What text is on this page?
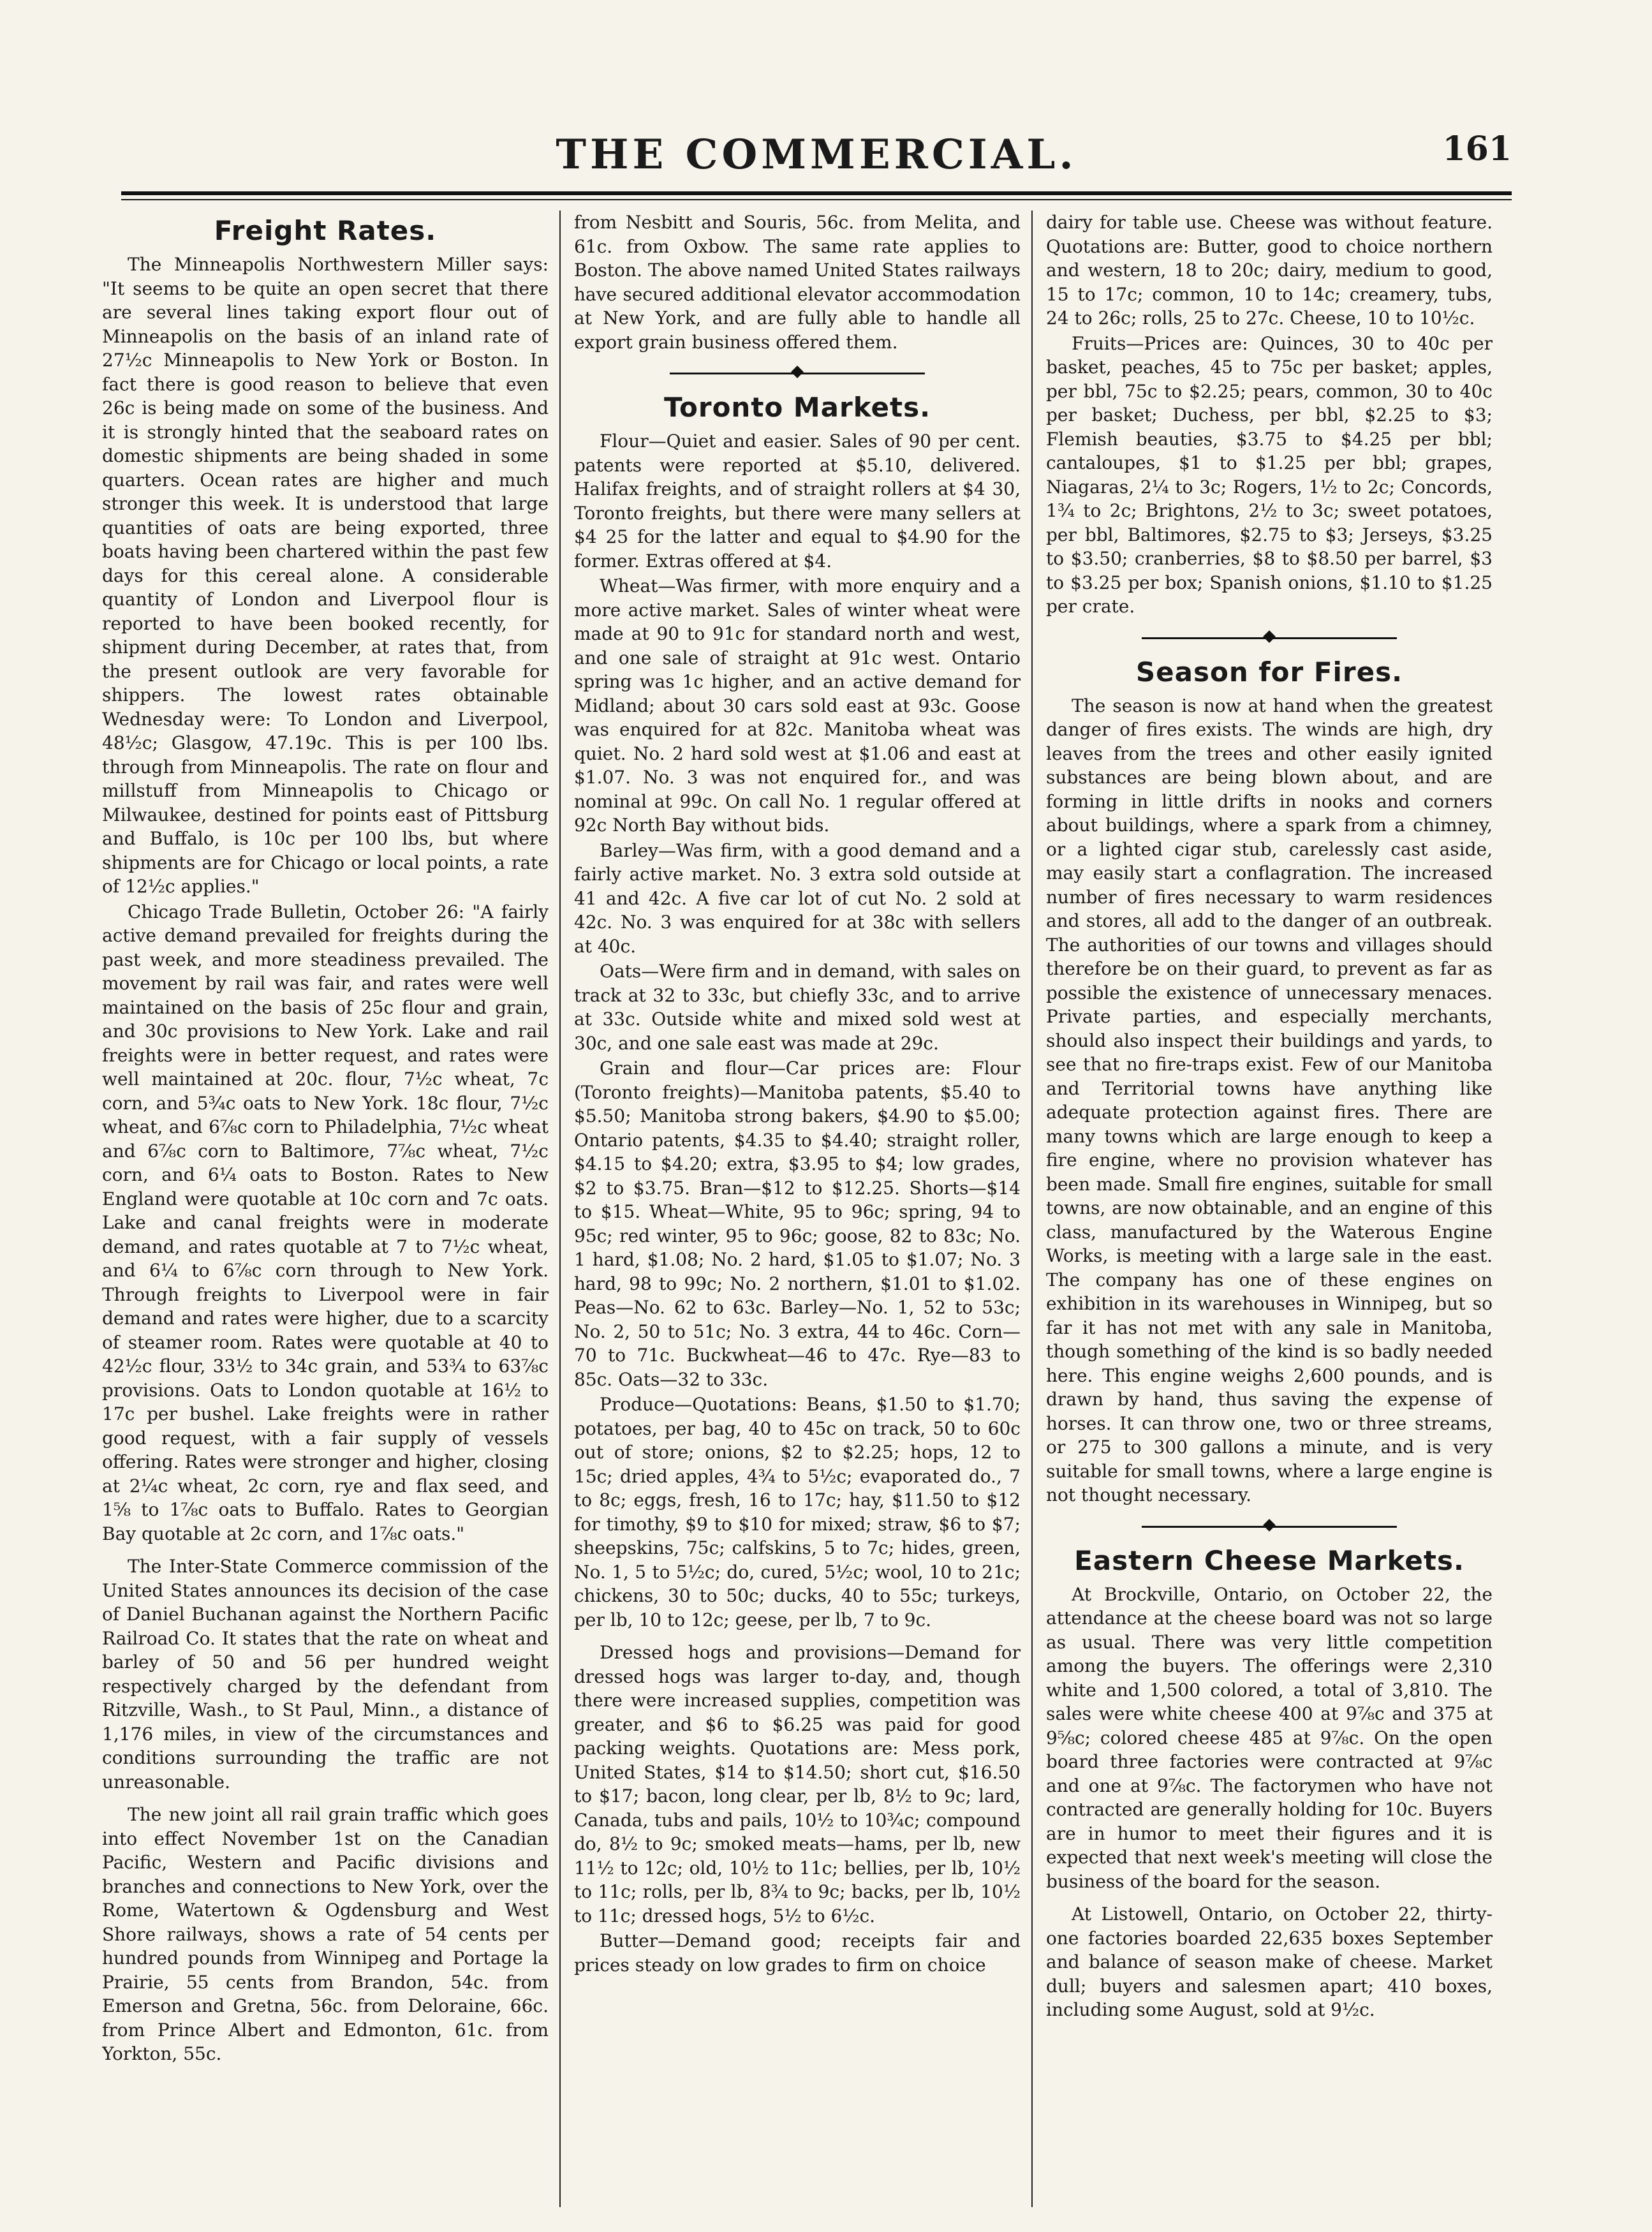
THE COMMERCIAL.	161
Freight Rates.

The Minneapolis Northwestern Miller says: "It seems to be quite an open secret that there are several lines taking export flour out of Minneapolis on the basis of an inland rate of 27½c Minneapolis to New York or Boston. In fact there is good reason to believe that even 26c is being made on some of the business. And it is strongly hinted that the seaboard rates on domestic shipments are being shaded in some quarters. Ocean rates are higher and much stronger this week. It is understood that large quantities of oats are being exported, three boats having been chartered within the past few days for this cereal alone. A considerable quantity of London and Liverpool flour is reported to have been booked recently, for shipment during December, at rates that, from the present outlook are very favorable for shippers. The lowest rates obtainable Wednesday were: To London and Liverpool, 48½c; Glasgow, 47.19c. This is per 100 lbs. through from Minneapolis. The rate on flour and millstuff from Minneapolis to Chicago or Milwaukee, destined for points east of Pittsburg and Buffalo, is 10c per 100 lbs, but where shipments are for Chicago or local points, a rate of 12½c applies."

Chicago Trade Bulletin, October 26: "A fairly active demand prevailed for freights during the past week, and more steadiness prevailed. The movement by rail was fair, and rates were well maintained on the basis of 25c flour and grain, and 30c provisions to New York. Lake and rail freights were in better request, and rates were well maintained at 20c. flour, 7½c wheat, 7c corn, and 5¾c oats to New York. 18c flour, 7½c wheat, and 6⅞c corn to Philadelphia, 7½c wheat and 6⅞c corn to Baltimore, 7⅞c wheat, 7½c corn, and 6¼ oats to Boston. Rates to New England were quotable at 10c corn and 7c oats. Lake and canal freights were in moderate demand, and rates quotable at 7 to 7½c wheat, and 6¼ to 6⅞c corn through to New York. Through freights to Liverpool were in fair demand and rates were higher, due to a scarcity of steamer room. Rates were quotable at 40 to 42½c flour, 33½ to 34c grain, and 53¾ to 63⅞c provisions. Oats to London quotable at 16½ to 17c per bushel. Lake freights were in rather good request, with a fair supply of vessels offering. Rates were stronger and higher, closing at 2¼c wheat, 2c corn, rye and flax seed, and 1⅝ to 1⅞c oats to Buffalo. Rates to Georgian Bay quotable at 2c corn, and 1⅞c oats."

The Inter-State Commerce commission of the United States announces its decision of the case of Daniel Buchanan against the Northern Pacific Railroad Co. It states that the rate on wheat and barley of 50 and 56 per hundred weight respectively charged by the defendant from Ritzville, Wash., to St Paul, Minn., a distance of 1,176 miles, in view of the circumstances and conditions surrounding the traffic are not unreasonable.

The new joint all rail grain traffic which goes into effect November 1st on the Canadian Pacific, Western and Pacific divisions and branches and connections to New York, over the Rome, Watertown & Ogdensburg and West Shore railways, shows a rate of 54 cents per hundred pounds from Winnipeg and Portage la Prairie, 55 cents from Brandon, 54c. from Emerson and Gretna, 56c. from Deloraine, 66c. from Prince Albert and Edmonton, 61c. from Yorkton, 55c.

from Nesbitt and Souris, 56c. from Melita, and 61c. from Oxbow. The same rate applies to Boston. The above named United States railways have secured additional elevator accommodation at New York, and are fully able to handle all export grain business offered them.

Toronto Markets.

Flour—Quiet and easier. Sales of 90 per cent. patents were reported at $5.10, delivered. Halifax freights, and of straight rollers at $4 30, Toronto freights, but there were many sellers at $4 25 for the latter and equal to $4.90 for the former. Extras offered at $4.

Wheat—Was firmer, with more enquiry and a more active market. Sales of winter wheat were made at 90 to 91c for standard north and west, and one sale of straight at 91c west. Ontario spring was 1c higher, and an active demand for Midland; about 30 cars sold east at 93c. Goose was enquired for at 82c. Manitoba wheat was quiet. No. 2 hard sold west at $1.06 and east at $1.07. No. 3 was not enquired for., and was nominal at 99c. On call No. 1 regular offered at 92c North Bay without bids.

Barley—Was firm, with a good demand and a fairly active market. No. 3 extra sold outside at 41 and 42c. A five car lot of cut No. 2 sold at 42c. No. 3 was enquired for at 38c with sellers at 40c.

Oats—Were firm and in demand, with sales on track at 32 to 33c, but chiefly 33c, and to arrive at 33c. Outside white and mixed sold west at 30c, and one sale east was made at 29c.

Grain and flour—Car prices are: Flour (Toronto freights)—Manitoba patents, $5.40 to $5.50; Manitoba strong bakers, $4.90 to $5.00; Ontario patents, $4.35 to $4.40; straight roller, $4.15 to $4.20; extra, $3.95 to $4; low grades, $2 to $3.75. Bran—$12 to $12.25. Shorts—$14 to $15. Wheat—White, 95 to 96c; spring, 94 to 95c; red winter, 95 to 96c; goose, 82 to 83c; No. 1 hard, $1.08; No. 2 hard, $1.05 to $1.07; No. 3 hard, 98 to 99c; No. 2 northern, $1.01 to $1.02. Peas—No. 62 to 63c. Barley—No. 1, 52 to 53c; No. 2, 50 to 51c; No. 3 extra, 44 to 46c. Corn—70 to 71c. Buckwheat—46 to 47c. Rye—83 to 85c. Oats—32 to 33c.

Produce—Quotations: Beans, $1.50 to $1.70; potatoes, per bag, 40 to 45c on track, 50 to 60c out of store; onions, $2 to $2.25; hops, 12 to 15c; dried apples, 4¾ to 5½c; evaporated do., 7 to 8c; eggs, fresh, 16 to 17c; hay, $11.50 to $12 for timothy, $9 to $10 for mixed; straw, $6 to $7; sheepskins, 75c; calfskins, 5 to 7c; hides, green, No. 1, 5 to 5½c; do, cured, 5½c; wool, 10 to 21c; chickens, 30 to 50c; ducks, 40 to 55c; turkeys, per lb, 10 to 12c; geese, per lb, 7 to 9c.

Dressed hogs and provisions—Demand for dressed hogs was larger to-day, and, though there were increased supplies, competition was greater, and $6 to $6.25 was paid for good packing weights. Quotations are: Mess pork, United States, $14 to $14.50; short cut, $16.50 to $17; bacon, long clear, per lb, 8½ to 9c; lard, Canada, tubs and pails, 10½ to 10¾c; compound do, 8½ to 9c; smoked meats—hams, per lb, new 11½ to 12c; old, 10½ to 11c; bellies, per lb, 10½ to 11c; rolls, per lb, 8¾ to 9c; backs, per lb, 10½ to 11c; dressed hogs, 5½ to 6½c.

Butter—Demand good; receipts fair and prices steady on low grades to firm on choice

dairy for table use. Cheese was without feature. Quotations are: Butter, good to choice northern and western, 18 to 20c; dairy, medium to good, 15 to 17c; common, 10 to 14c; creamery, tubs, 24 to 26c; rolls, 25 to 27c. Cheese, 10 to 10½c.

Fruits—Prices are: Quinces, 30 to 40c per basket, peaches, 45 to 75c per basket; apples, per bbl, 75c to $2.25; pears, common, 30 to 40c per basket; Duchess, per bbl, $2.25 to $3; Flemish beauties, $3.75 to $4.25 per bbl; cantaloupes, $1 to $1.25 per bbl; grapes, Niagaras, 2¼ to 3c; Rogers, 1½ to 2c; Concords, 1¾ to 2c; Brightons, 2½ to 3c; sweet potatoes, per bbl, Baltimores, $2.75 to $3; Jerseys, $3.25 to $3.50; cranberries, $8 to $8.50 per barrel, $3 to $3.25 per box; Spanish onions, $1.10 to $1.25 per crate.

Season for Fires.

The season is now at hand when the greatest danger of fires exists. The winds are high, dry leaves from the trees and other easily ignited substances are being blown about, and are forming in little drifts in nooks and corners about buildings, where a spark from a chimney, or a lighted cigar stub, carelessly cast aside, may easily start a conflagration. The increased number of fires necessary to warm residences and stores, all add to the danger of an outbreak. The authorities of our towns and villages should therefore be on their guard, to prevent as far as possible the existence of unnecessary menaces. Private parties, and especially merchants, should also inspect their buildings and yards, to see that no fire-traps exist. Few of our Manitoba and Territorial towns have anything like adequate protection against fires. There are many towns which are large enough to keep a fire engine, where no provision whatever has been made. Small fire engines, suitable for small towns, are now obtainable, and an engine of this class, manufactured by the Waterous Engine Works, is meeting with a large sale in the east. The company has one of these engines on exhibition in its warehouses in Winnipeg, but so far it has not met with any sale in Manitoba, though something of the kind is so badly needed here. This engine weighs 2,600 pounds, and is drawn by hand, thus saving the expense of horses. It can throw one, two or three streams, or 275 to 300 gallons a minute, and is very suitable for small towns, where a large engine is not thought necessary.

Eastern Cheese Markets.

At Brockville, Ontario, on October 22, the attendance at the cheese board was not so large as usual. There was very little competition among the buyers. The offerings were 2,310 white and 1,500 colored, a total of 3,810. The sales were white cheese 400 at 9⅞c and 375 at 9⅝c; colored cheese 485 at 9⅞c. On the open board three factories were contracted at 9⅞c and one at 9⅞c. The factorymen who have not contracted are generally holding for 10c. Buyers are in humor to meet their figures and it is expected that next week's meeting will close the business of the board for the season.

At Listowell, Ontario, on October 22, thirty-one factories boarded 22,635 boxes September and balance of season make of cheese. Market dull; buyers and salesmen apart; 410 boxes, including some August, sold at 9½c.
